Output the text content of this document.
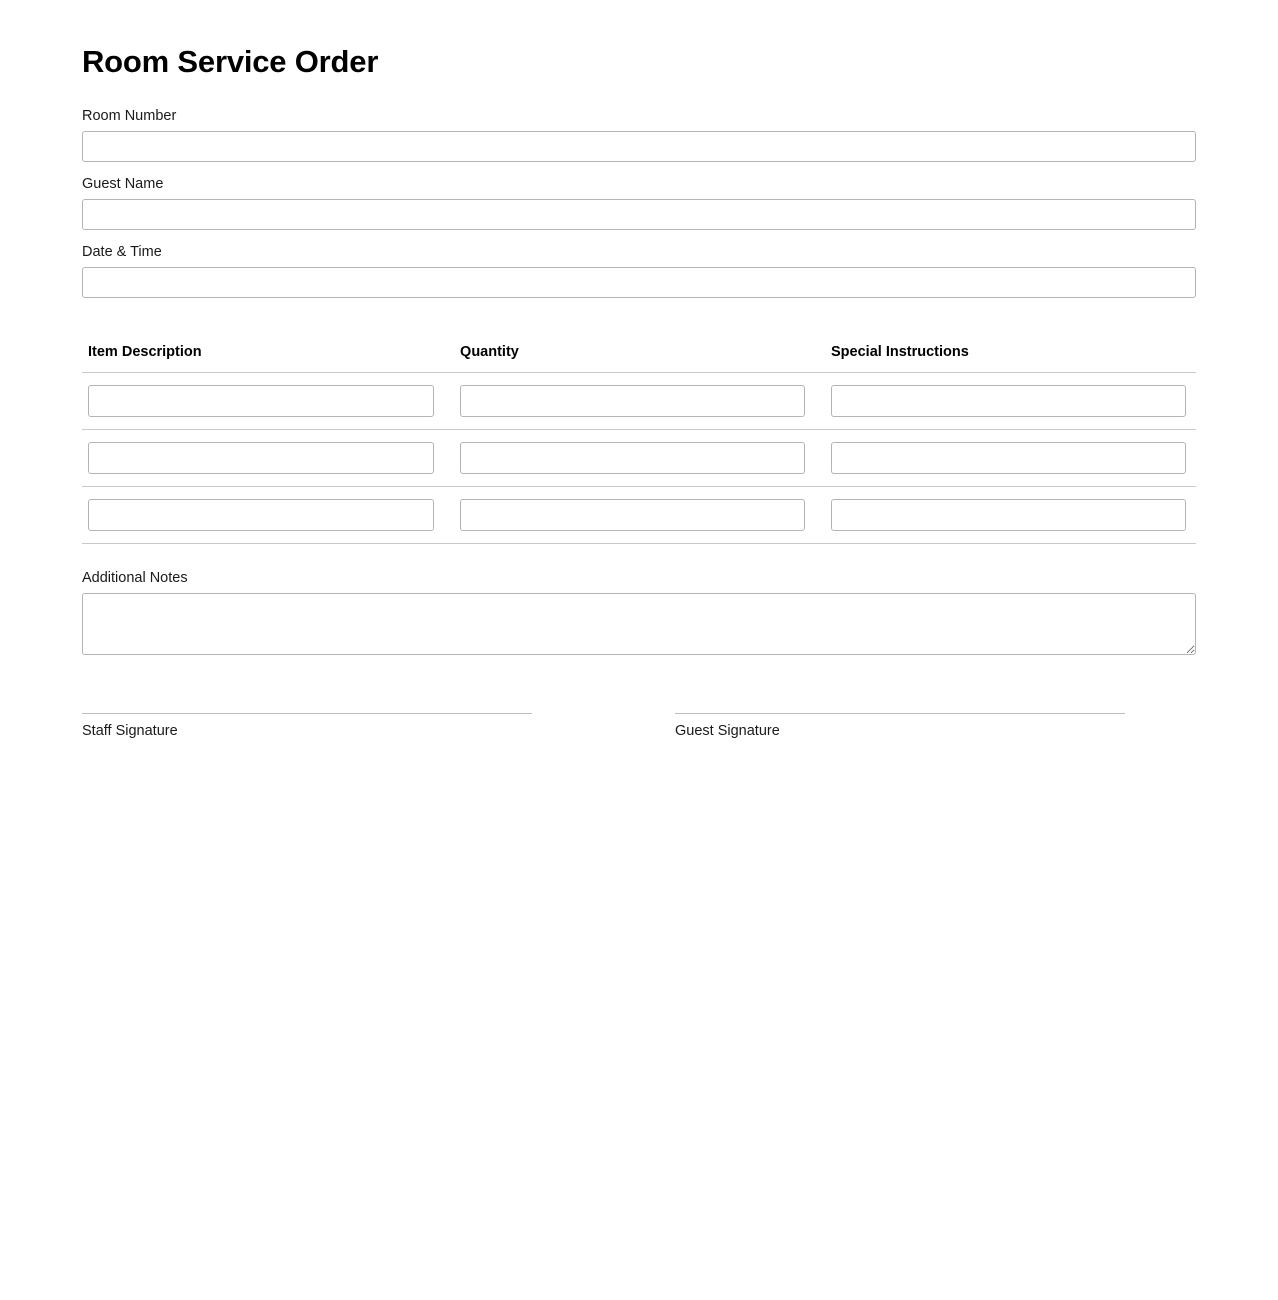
Room Service Order
Room Number
Guest Name
Date & Time
Item Description	Quantity	Special Instructions

Additional Notes
Staff Signature	Guest Signature
